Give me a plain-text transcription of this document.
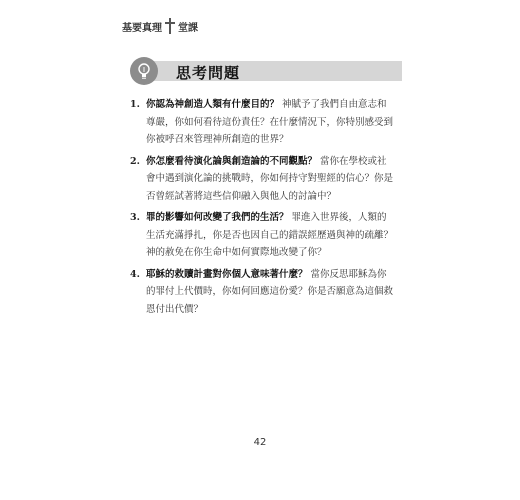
基要真理 堂課
思考問題
1. 你認為神創造人類有什麼目的？ 神賦予了我們自由意志和尊嚴，你如何看待這份責任？在什麼情況下，你特別感受到你被呼召來管理神所創造的世界？
2. 你怎麼看待演化論與創造論的不同觀點？ 當你在學校或社會中遇到演化論的挑戰時，你如何持守對聖經的信心？你是否曾經試著將這些信仰融入與他人的討論中？
3. 罪的影響如何改變了我們的生活？ 罪進入世界後，人類的生活充滿掙扎，你是否也因自己的錯誤經歷過與神的疏離？神的赦免在你生命中如何實際地改變了你？
4. 耶穌的救贖計畫對你個人意味著什麼？ 當你反思耶穌為你的罪付上代價時，你如何回應這份愛？你是否願意為這個救恩付出代價？
42
